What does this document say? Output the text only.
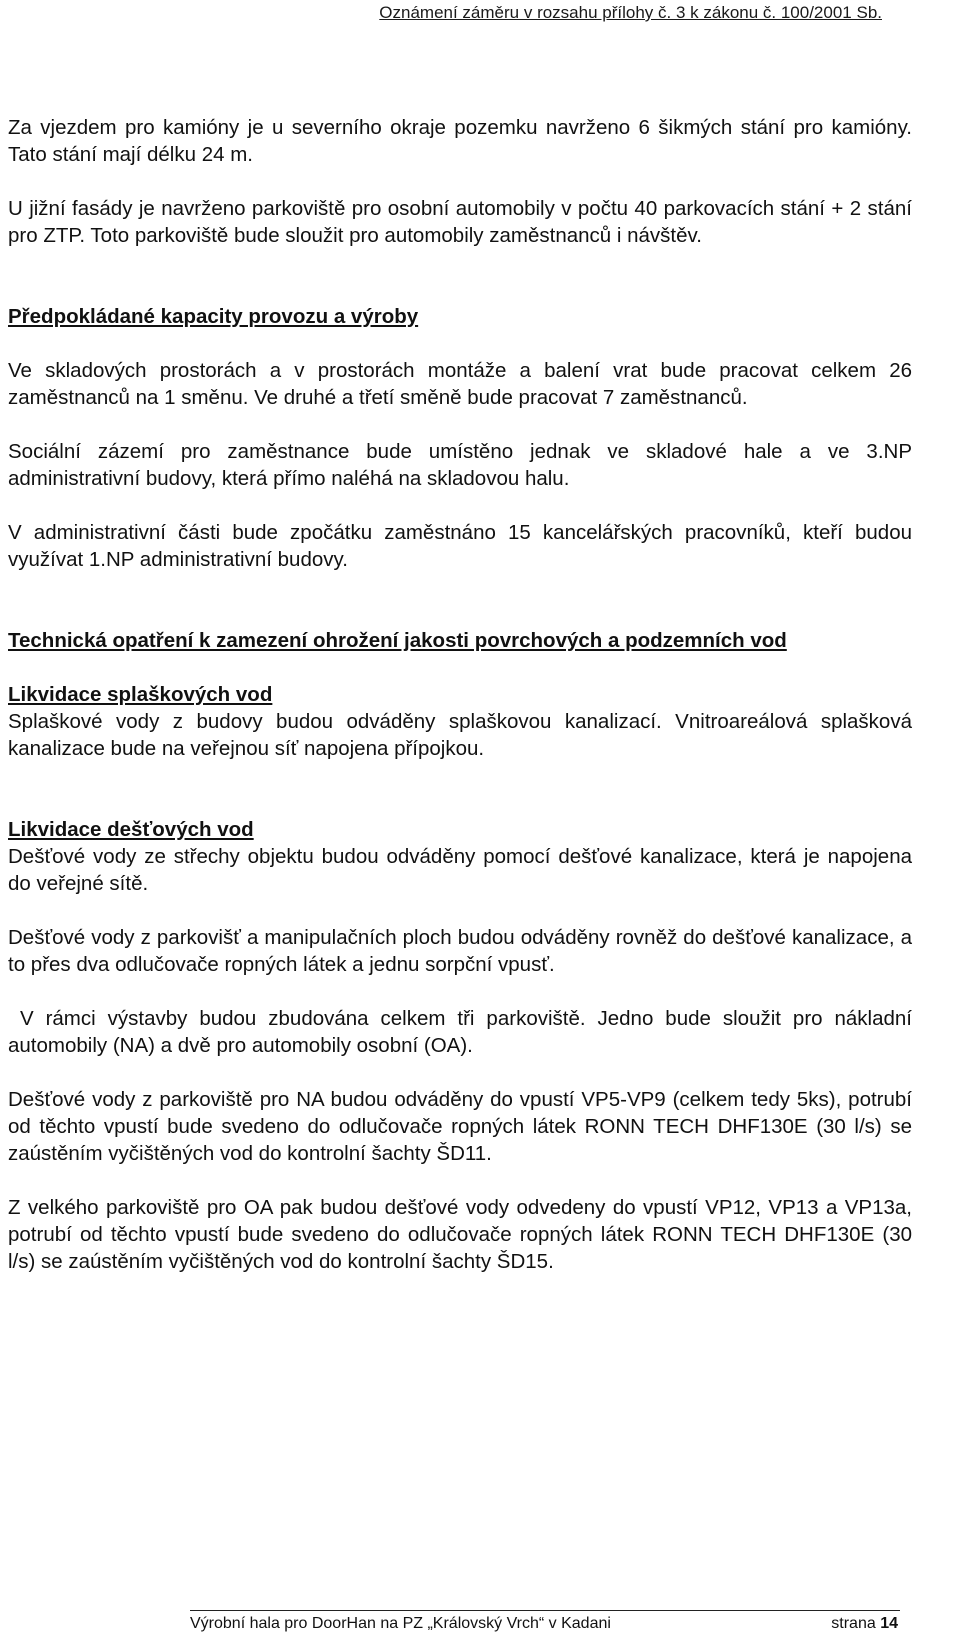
Oznámení záměru v rozsahu přílohy č. 3 k zákonu č. 100/2001 Sb.

Za vjezdem pro kamióny je u severního okraje pozemku navrženo 6 šikmých stání pro kamióny. Tato stání mají délku 24 m.

U jižní fasády je navrženo parkoviště pro osobní automobily v počtu 40 parkovacích stání + 2 stání pro ZTP. Toto parkoviště bude sloužit pro automobily zaměstnanců i návštěv.

Předpokládané kapacity provozu a výroby

Ve skladových prostorách a v prostorách montáže a balení vrat bude pracovat celkem 26 zaměstnanců na 1 směnu. Ve druhé a třetí směně bude pracovat 7 zaměstnanců.

Sociální zázemí pro zaměstnance bude umístěno jednak ve skladové hale a ve 3.NP administrativní budovy, která přímo naléhá na skladovou halu.

V administrativní části bude zpočátku zaměstnáno 15 kancelářských pracovníků, kteří budou využívat 1.NP administrativní budovy.

Technická opatření k zamezení ohrožení jakosti povrchových a podzemních vod

Likvidace splaškových vod

Splaškové vody z budovy budou odváděny splaškovou kanalizací. Vnitroareálová splašková kanalizace bude na veřejnou síť napojena přípojkou.

Likvidace dešťových vod

Dešťové vody ze střechy objektu budou odváděny pomocí dešťové kanalizace, která je napojena do veřejné sítě.

Dešťové vody z parkovišť a manipulačních ploch budou odváděny rovněž do dešťové kanalizace, a to přes dva odlučovače ropných látek a jednu sorpční vpusť.

V rámci výstavby budou zbudována celkem tři parkoviště. Jedno bude sloužit pro nákladní automobily (NA) a dvě pro automobily osobní (OA).

Dešťové vody z parkoviště pro NA budou odváděny do vpustí VP5-VP9 (celkem tedy 5ks), potrubí od těchto vpustí bude svedeno do odlučovače ropných látek RONN TECH DHF130E (30 l/s) se zaústěním vyčištěných vod do kontrolní šachty ŠD11.

Z velkého parkoviště pro OA pak budou dešťové vody odvedeny do vpustí VP12, VP13 a VP13a, potrubí od těchto vpustí bude svedeno do odlučovače ropných látek RONN TECH DHF130E (30 l/s) se zaústěním vyčištěných vod do kontrolní šachty ŠD15.

Výrobní hala pro DoorHan na PZ „Královský Vrch“ v Kadani	strana 14
